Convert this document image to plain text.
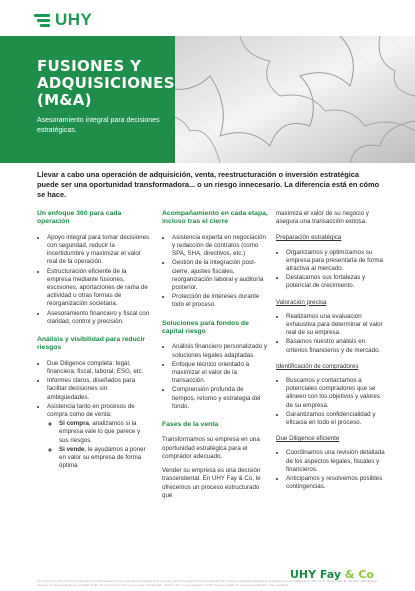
UHY
FUSIONES Y ADQUISICIONES (M&A)
Asesoramiento integral para decisiones estratégicas.
Llevar a cabo una operación de adquisición, venta, reestructuración o inversión estratégica puede ser una oportunidad transformadora... o un riesgo innecesario. La diferencia está en cómo se hace.
Un enfoque 360 para cada operación
• Apoyo integral para tomar decisiones con seguridad, reducir la incertidumbre y maximizar el valor real de la operación.
• Estructuración eficiente de la empresa mediante fusiones, escisiones, aportaciones de rama de actividad u otras formas de reorganización societaria.
• Asesoramiento financiero y fiscal con claridad, control y precisión.
Análisis y visibilidad para reducir riesgos
• Due Diligence completa: legal, financiera, fiscal, laboral, ESG, etc.
• Informes claros, diseñados para facilitar decisiones sin ambigüedades.
• Asistencia tanto en procesos de compra como de venta:
◦ Si compra, analizamos si la empresa vale lo que parece y sus riesgos.
◦ Si vende, le ayudamos a poner en valor su empresa de forma óptima
Acompañamiento en cada etapa, incluso tras el cierre
• Asistencia experta en negociación y redacción de contratos (como SPA, SHA, directivos, etc.)
• Gestión de la integración post-cierre, ajustes fiscales, reorganización laboral y auditoría posterior.
• Protección de intereses durante todo el proceso.
Soluciones para fondos de capital riesgo
• Análisis financiero personalizado y soluciones legales adaptadas.
• Enfoque técnico orientado a maximizar el valor de la transacción.
• Comprensión profunda de tiempos, retorno y estrategia del fondo.
Fases de la venta

Transformamos su empresa en una oportunidad estratégica para el comprador adecuado.

Vender su empresa es una decisión trascendental. En UHY Fay & Co, le ofrecemos un proceso estructurado que

maximiza el valor de su negocio y asegura una transacción exitosa.

Preparación estratégica
• Organizamos y optimizamos su empresa para presentarla de forma atractiva al mercado.
• Destacamos sus fortalezas y potencial de crecimiento.
Valoración precisa
• Realizamos una evaluación exhaustiva para determinar el valor real de su empresa.
• Basamos nuestro análisis en criterios financieros y de mercado.
Identificación de compradores
• Buscamos y contactamos a potenciales compradores que se alineen con los objetivos y valores de su empresa.
• Garantizamos confidencialidad y eficacia en todo el proceso.
Due Diligence eficiente
• Coordinamos una revisión detallada de los aspectos legales, fiscales y financieros.
• Anticipamos y resolvemos posibles contingencias.
UHY Fay & Co
UHY Fay & Co (the "Firm") is a member of Urbach Hacker Young International Limited, a UK company, and forms part of the international UHY network of legally independent accounting and consulting firms. UHY is the brand name for the UHY international network. Services in Spain are provided by the Firm and not by UHY or any other member firm. Neither UHY nor any member of UHY has any liability for services provided by other members.
